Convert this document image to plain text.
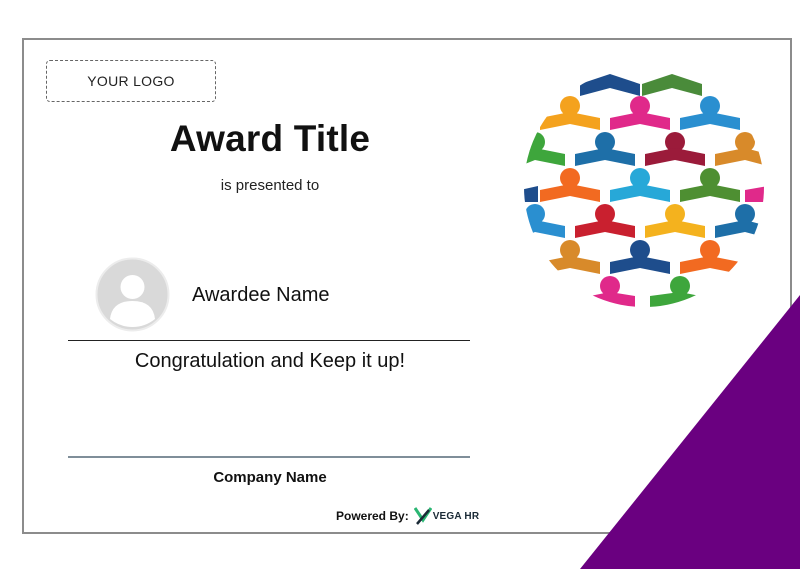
YOUR LOGO
Award Title
is presented to
Awardee Name
Congratulation and Keep it up!
Company Name
Powered By: VEGA HR
